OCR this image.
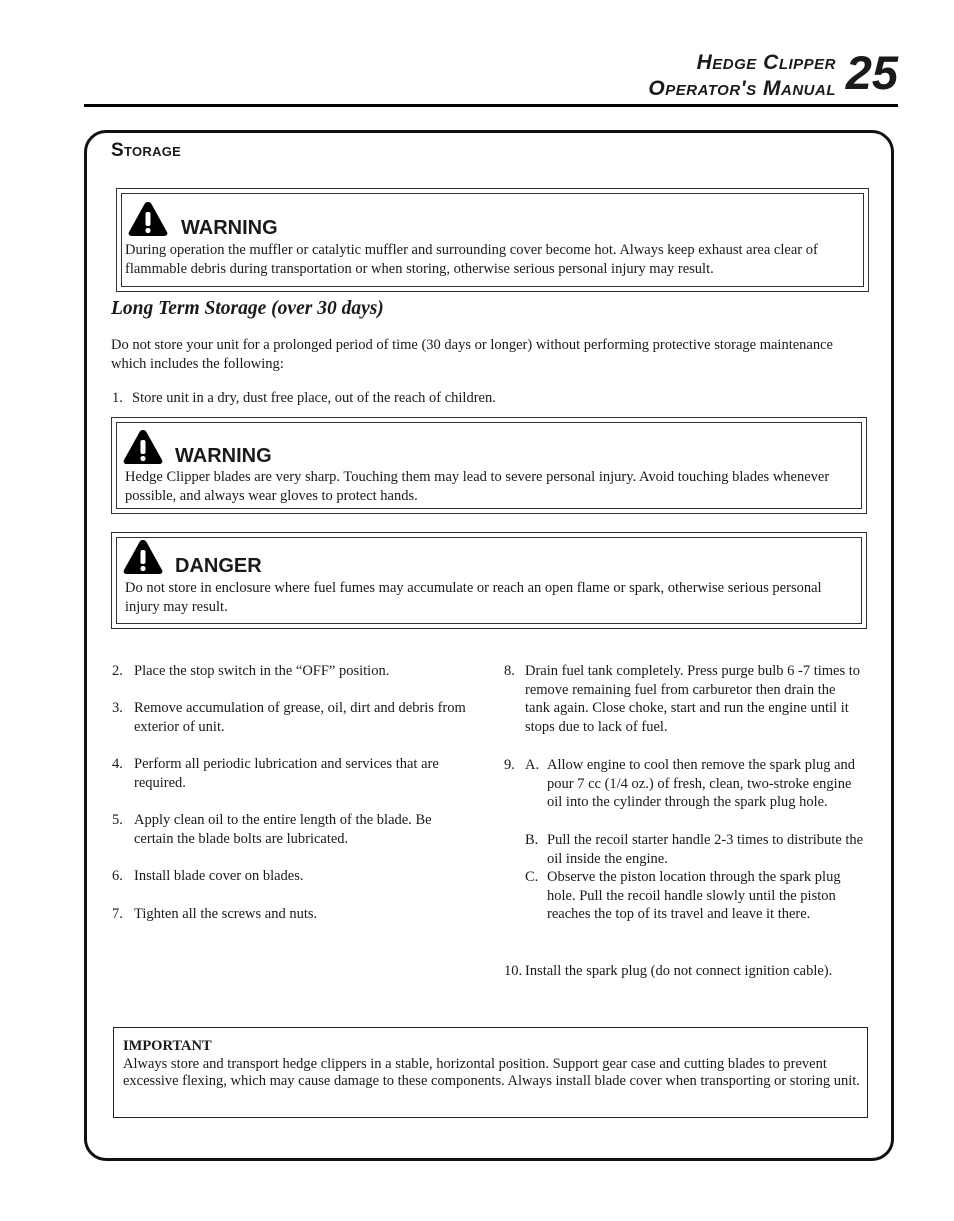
Hedge Clipper
Operator's Manual 25
Storage
WARNING
During operation the muffler or catalytic muffler and surrounding cover become hot. Always keep exhaust area clear of flammable debris during transportation or when storing, otherwise serious personal injury may result.
Long Term Storage (over 30 days)
Do not store your unit for a prolonged period of time (30 days or longer) without performing protective storage maintenance which includes the following:
1. Store unit in a dry, dust free place, out of the reach of children.
WARNING
Hedge Clipper blades are very sharp. Touching them may lead to severe personal injury. Avoid touching blades whenever possible, and always wear gloves to protect hands.
DANGER
Do not store in enclosure where fuel fumes may accumulate or reach an open flame or spark, otherwise serious personal injury may result.
2. Place the stop switch in the “OFF” position.
3. Remove accumulation of grease, oil, dirt and debris from exterior of unit.
4. Perform all periodic lubrication and services that are required.
5. Apply clean oil to the entire length of the blade. Be certain the blade bolts are lubricated.
6. Install blade cover on blades.
7. Tighten all the screws and nuts.
8. Drain fuel tank completely. Press purge bulb 6 -7 times to remove remaining fuel from carburetor then drain the tank again. Close choke, start and run the engine until it stops due to lack of fuel.
9. A. Allow engine to cool then remove the spark plug and pour 7 cc (1/4 oz.) of fresh, clean, two-stroke engine oil into the cylinder through the spark plug hole.
B. Pull the recoil starter handle 2-3 times to distribute the oil inside the engine.
C. Observe the piston location through the spark plug hole. Pull the recoil handle slowly until the piston reaches the top of its travel and leave it there.
10. Install the spark plug (do not connect ignition cable).
IMPORTANT
Always store and transport hedge clippers in a stable, horizontal position. Support gear case and cutting blades to prevent excessive flexing, which may cause damage to these components. Always install blade cover when transporting or storing unit.
